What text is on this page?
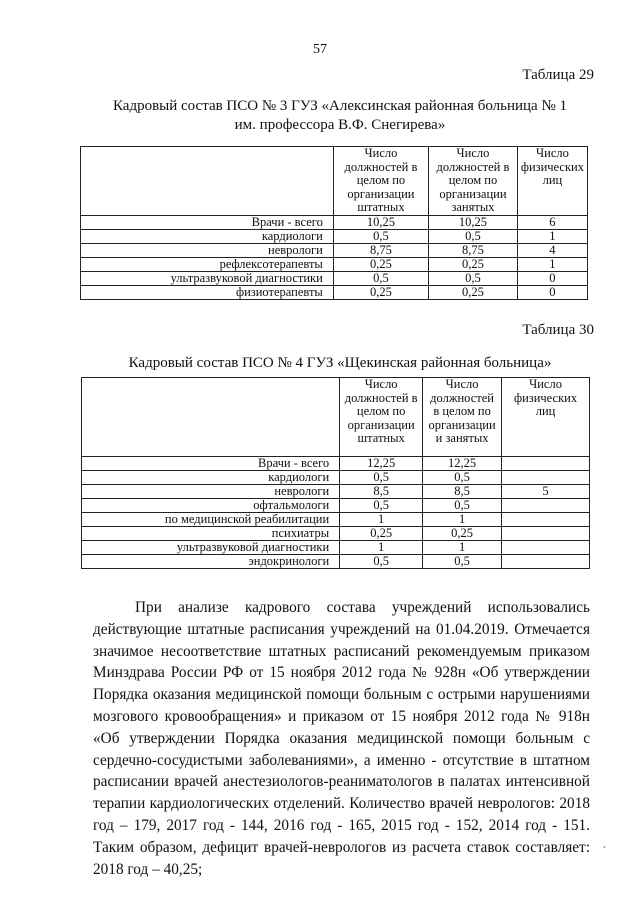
57
Таблица 29
Кадровый состав ПСО № 3 ГУЗ «Алексинская районная больница № 1
им. профессора В.Ф. Снегирева»
	Число должностей в целом по организации штатных	Число должностей в целом по организации занятых	Число физических лиц
Врачи - всего	10,25	10,25	6
кардиологи	0,5	0,5	1
неврологи	8,75	8,75	4
рефлексотерапевты	0,25	0,25	1
ультразвуковой диагностики	0,5	0,5	0
физиотерапевты	0,25	0,25	0
Таблица 30
Кадровый состав ПСО № 4 ГУЗ «Щекинская районная больница»
	Число должностей в целом по организации штатных	Число должностей в целом по организации и занятых	Число физических лиц
Врачи - всего	12,25	12,25	
кардиологи	0,5	0,5	
неврологи	8,5	8,5	5
офтальмологи	0,5	0,5	
по медицинской реабилитации	1	1	
психиатры	0,25	0,25	
ультразвуковой диагностики	1	1	
эндокринологи	0,5	0,5	

При анализе кадрового состава учреждений использовались действующие штатные расписания учреждений на 01.04.2019. Отмечается значимое несоответствие штатных расписаний рекомендуемым приказом Минздрава России РФ от 15 ноября 2012 года № 928н «Об утверждении Порядка оказания медицинской помощи больным с острыми нарушениями мозгового кровообращения» и приказом от 15 ноября 2012 года № 918н «Об утверждении Порядка оказания медицинской помощи больным с сердечно-сосудистыми заболеваниями», а именно - отсутствие в штатном расписании врачей анестезиологов-реаниматологов в палатах интенсивной терапии кардиологических отделений. Количество врачей неврологов: 2018 год – 179, 2017 год - 144, 2016 год - 165, 2015 год - 152, 2014 год - 151. Таким образом, дефицит врачей-неврологов из расчета ставок составляет: 2018 год – 40,25;

•
